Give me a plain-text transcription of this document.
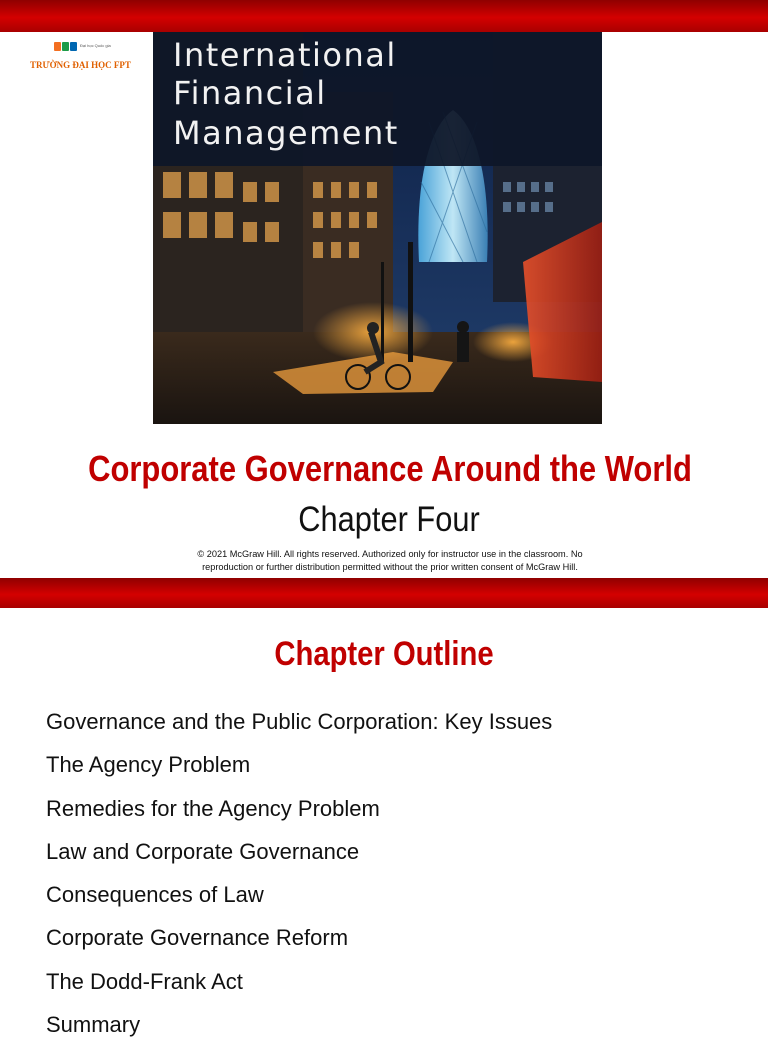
Đại học Quốc gia
TRƯỜNG ĐẠI HỌC FPT International
Financial
Management
Corporate Governance Around the World
Chapter Four
© 2021 McGraw Hill. All rights reserved. Authorized only for instructor use in the classroom. No
reproduction or further distribution permitted without the prior written consent of McGraw Hill.
Chapter Outline
Governance and the Public Corporation: Key Issues
The Agency Problem
Remedies for the Agency Problem
Law and Corporate Governance
Consequences of Law
Corporate Governance Reform
The Dodd-Frank Act
Summary
